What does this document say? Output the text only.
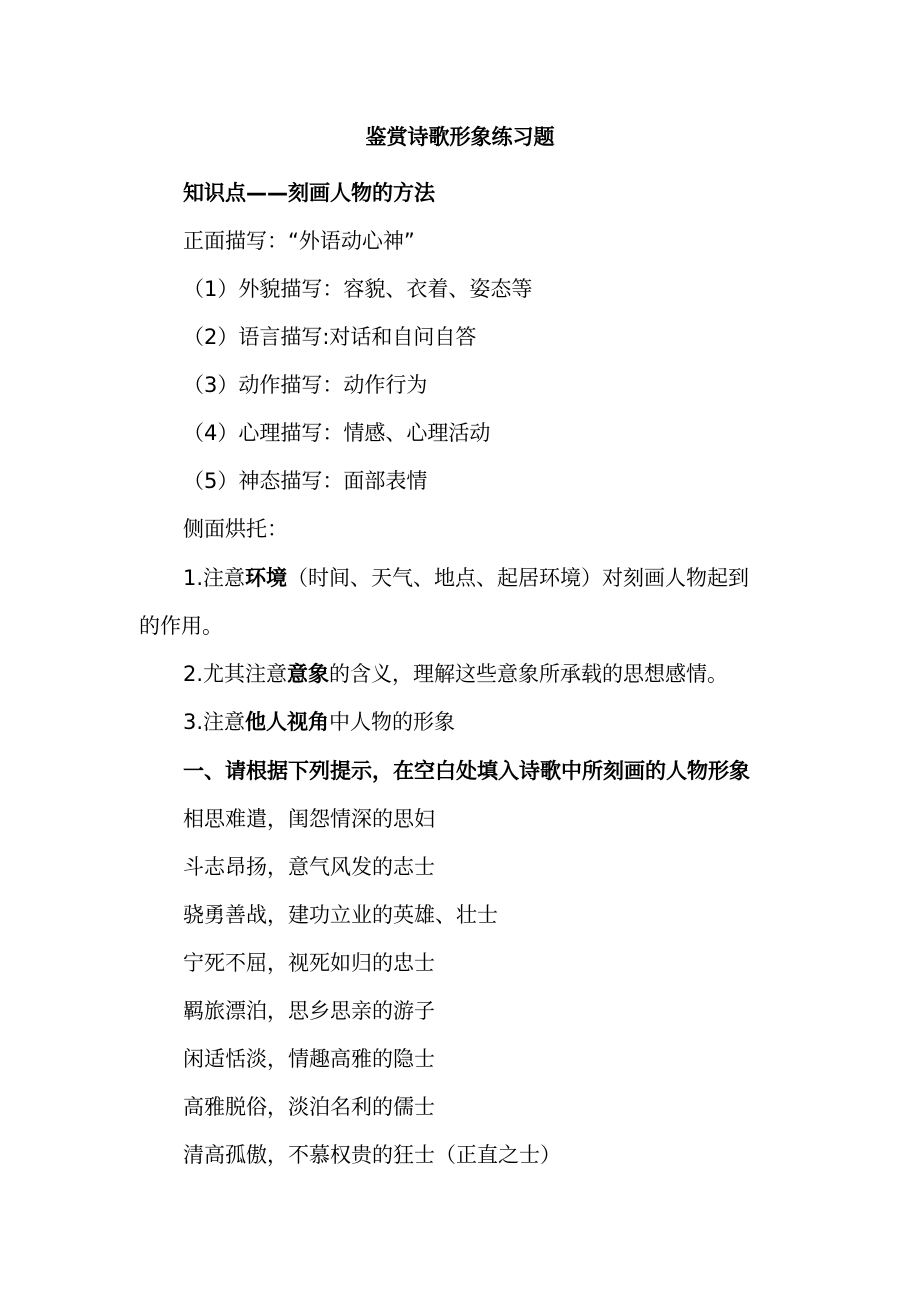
鉴赏诗歌形象练习题
知识点——刻画人物的方法
正面描写：“外语动心神”
（1）外貌描写：容貌、衣着、姿态等
（2）语言描写:对话和自问自答
（3）动作描写：动作行为
（4）心理描写：情感、心理活动
（5）神态描写：面部表情
侧面烘托：
1.注意环境（时间、天气、地点、起居环境）对刻画人物起到
的作用。
2.尤其注意意象的含义，理解这些意象所承载的思想感情。
3.注意他人视角中人物的形象
一、请根据下列提示，在空白处填入诗歌中所刻画的人物形象
相思难遣，闺怨情深的思妇
斗志昂扬，意气风发的志士
骁勇善战，建功立业的英雄、壮士
宁死不屈，视死如归的忠士
羁旅漂泊，思乡思亲的游子
闲适恬淡，情趣高雅的隐士
高雅脱俗，淡泊名利的儒士
清高孤傲，不慕权贵的狂士（正直之士）
